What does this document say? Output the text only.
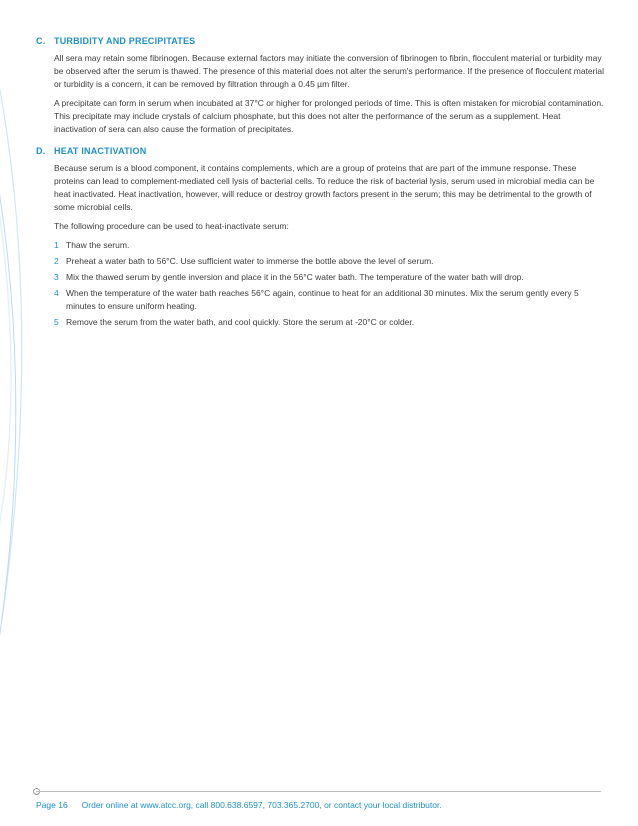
C. TURBIDITY AND PRECIPITATES

All sera may retain some fibrinogen. Because external factors may initiate the conversion of fibrinogen to fibrin, flocculent material or turbidity may be observed after the serum is thawed. The presence of this material does not alter the serum's performance. If the presence of flocculent material or turbidity is a concern, it can be removed by filtration through a 0.45 µm filter.

A precipitate can form in serum when incubated at 37°C or higher for prolonged periods of time. This is often mistaken for microbial contamination. This precipitate may include crystals of calcium phosphate, but this does not alter the performance of the serum as a supplement. Heat inactivation of sera can also cause the formation of precipitates.

D. HEAT INACTIVATION

Because serum is a blood component, it contains complements, which are a group of proteins that are part of the immune response. These proteins can lead to complement-mediated cell lysis of bacterial cells. To reduce the risk of bacterial lysis, serum used in microbial media can be heat inactivated. Heat inactivation, however, will reduce or destroy growth factors present in the serum; this may be detrimental to the growth of some microbial cells.

The following procedure can be used to heat-inactivate serum:

1 Thaw the serum.
2 Preheat a water bath to 56°C. Use sufficient water to immerse the bottle above the level of serum.
3 Mix the thawed serum by gentle inversion and place it in the 56°C water bath. The temperature of the water bath will drop.
4 When the temperature of the water bath reaches 56°C again, continue to heat for an additional 30 minutes. Mix the serum gently every 5 minutes to ensure uniform heating.
5 Remove the serum from the water bath, and cool quickly. Store the serum at -20°C or colder.
Page 16 Order online at www.atcc.org, call 800.638.6597, 703.365.2700, or contact your local distributor.
